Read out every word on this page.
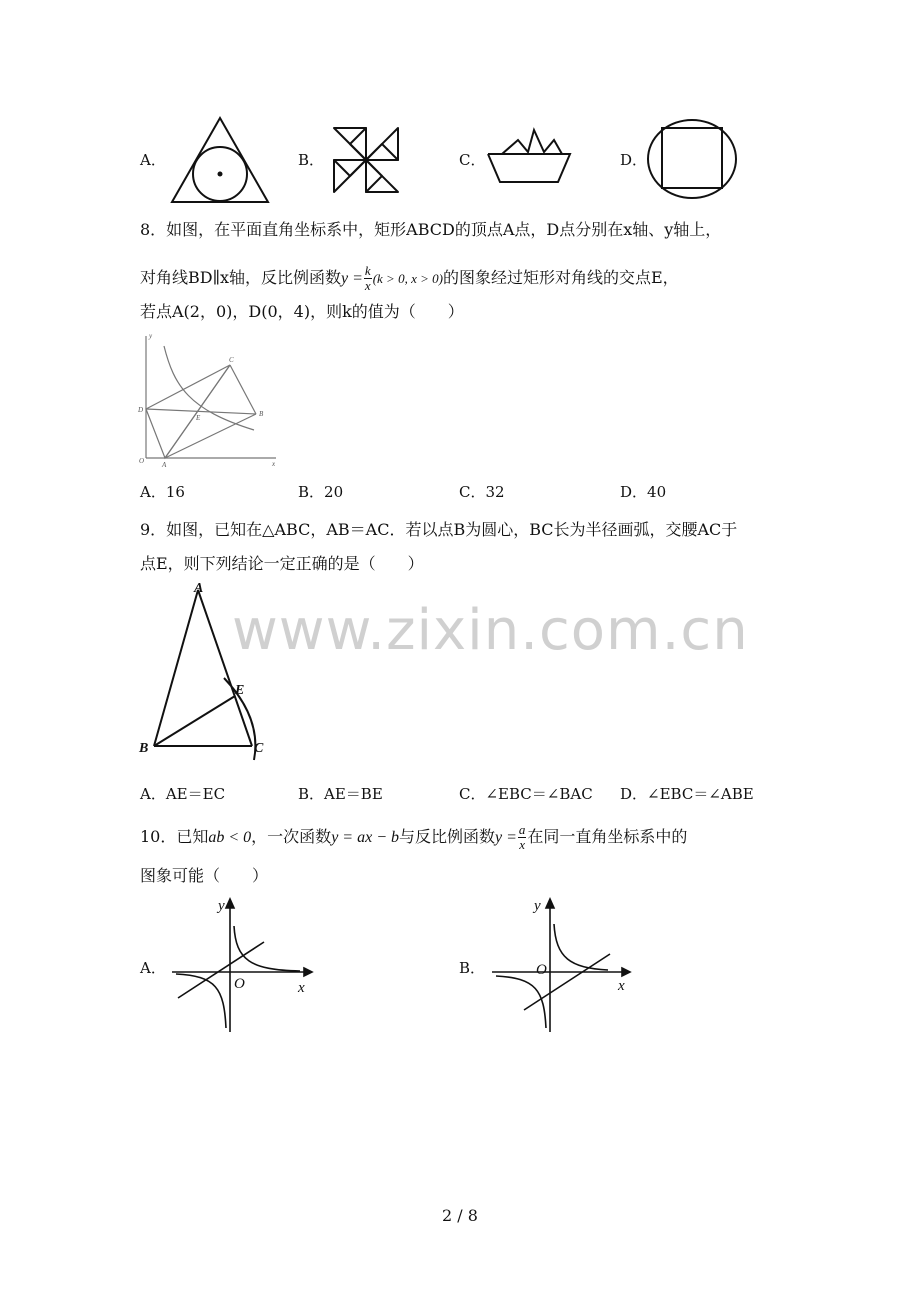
www.zixin.com.cn
A．	B．	C．	D．
8．如图，在平面直角坐标系中，矩形ABCD的顶点A点，D点分别在x轴、y轴上，
对角线BD∥x轴，反比例函数$y = \frac{k}{x} (k > 0$, x > 0)的图象经过矩形对角线的交点E，
若点A(2，0)，D(0，4)，则k的值为（　　）
y
x
O	A
B
C
D
E
A．16	B．20	C．32	D．40
9．如图，已知在△ABC，AB＝AC．若以点B为圆心，BC长为半径画弧，交腰AC于
点E，则下列结论一定正确的是（　　）
A
B	C
E
A．AE＝EC	B．AE＝BE	C．∠EBC＝∠BAC D．∠EBC＝∠ABE
10．已知ab < 0，一次函数y = ax − b与反比例函数$y = \frac{a}{x}$ 在同一直角坐标系中的
图象可能（　　）
A．
y
x
O
B．
y
x
O
2 / 8
